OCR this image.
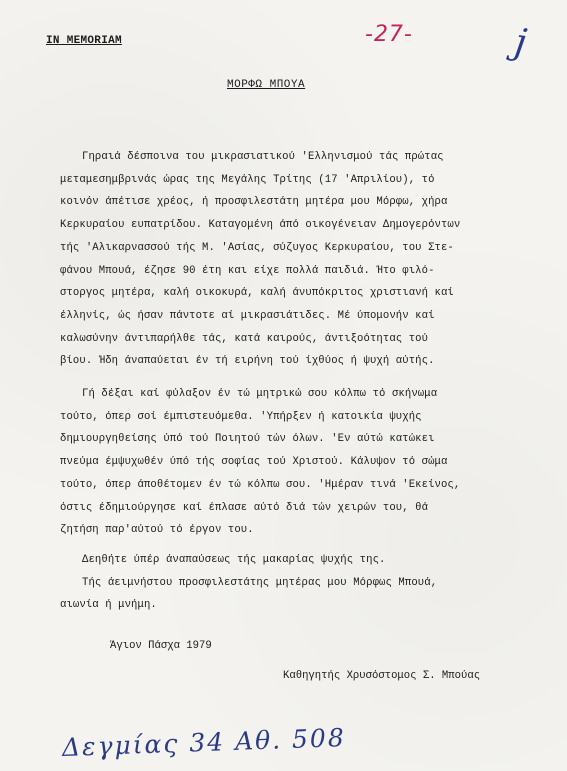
IN MEMORIAM	-27-	j
ΜΟΡΦΩ ΜΠΟΥΑ
Γηραιά δέσποινα του μικρασιατικού 'Ελληνισμού τάς πρώτας
μεταμεσημβρινάς ώρας της Μεγάλης Τρίτης (17 'Απριλίου), τό
κοινόν άπέτισε χρέος, ή προσφιλεστάτη μητέρα μου Μόρφω, χήρα
Κερκυραίου ευπατρίδου. Καταγομένη άπό οικογένειαν Δημογερόντων
τής 'Αλικαρνασσού τής Μ. 'Ασίας, σύζυγος Κερκυραίου, του Στε-
φάνου Μπουά, έζησε 90 έτη και είχε πολλά παιδιά. Ήτο φιλό-
στοργος μητέρα, καλή οικοκυρά, καλή άνυπόκριτος χριστιανή καί
έλληνίς, ώς ήσαν πάντοτε αί μικρασιάτιδες. Μέ ύπομονήν καί
καλωσύνην άντιπαρήλθε τάς, κατά καιρούς, άντιξοότητας τού
βίου. Ήδη άναπαύεται έν τή ειρήνη τού ίχθύος ή ψυχή αύτής.
Γή δέξαι καί φύλαξον έν τώ μητρικώ σου κόλπω τό σκήνωμα
τούτο, όπερ σοί έμπιστευόμεθα. 'Υπήρξεν ή κατοικία ψυχής
δημιουργηθείσης ύπό τού Ποιητού τών όλων. 'Εν αύτώ κατώκει
πνεύμα έμψυχωθέν ύπό τής σοφίας τού Χριστού. Κάλυψον τό σώμα
τούτο, όπερ άποθέτομεν έν τώ κόλπω σου. 'Ημέραν τινά 'Εκείνος,
όστις έδημιούργησε καί έπλασε αύτό διά τών χειρών του, θά
ζητήση παρ'αύτού τό έργον του.
Δεηθήτε ύπέρ άναπαύσεως τής μακαρίας ψυχής της.
Τής άειμνήστου προσφιλεστάτης μητέρας μου Μόρφως Μπουά,
αιωνία ή μνήμη.
Άγιον Πάσχα 1979
Καθηγητής Χρυσόστομος Σ. Μπούας
Δεγμίας 34 Αθ. 508
